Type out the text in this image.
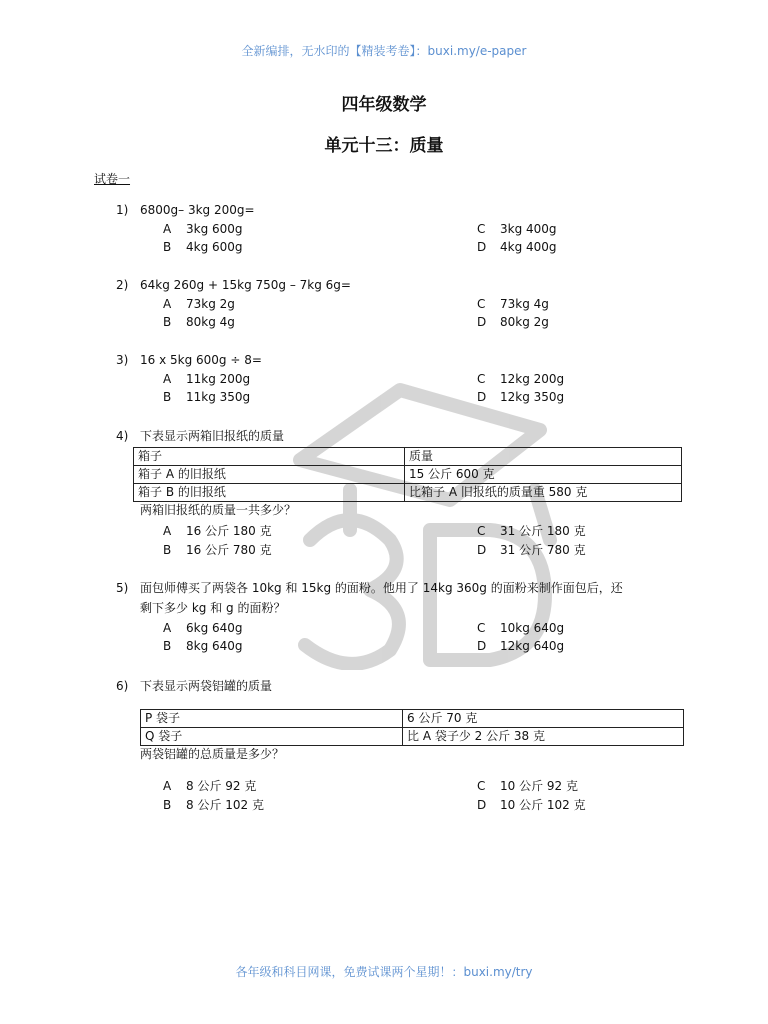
全新编排，无水印的【精装考卷】：buxi.my/e-paper
四年级数学
单元十三：质量
试卷一
1) 6800g– 3kg 200g=
A 3kg 600g
B 4kg 600g
C 3kg 400g
D 4kg 400g
2) 64kg 260g + 15kg 750g – 7kg 6g=
A 73kg 2g
B 80kg 4g
C 73kg 4g
D 80kg 2g
3) 16 x 5kg 600g ÷ 8=
A 11kg 200g
B 11kg 350g
C 12kg 200g
D 12kg 350g
4) 下表显示两箱旧报纸的质量
箱子	质量
箱子 A 的旧报纸	15 公斤 600 克
箱子 B 的旧报纸	比箱子 A 旧报纸的质量重 580 克
两箱旧报纸的质量一共多少？
A 16 公斤 180 克
B 16 公斤 780 克
C 31 公斤 180 克
D 31 公斤 780 克
5) 面包师傅买了两袋各 10kg 和 15kg 的面粉。他用了 14kg 360g 的面粉来制作面包后，还
剩下多少 kg 和 g 的面粉？
A 6kg 640g
B 8kg 640g
C 10kg 640g
D 12kg 640g
6) 下表显示两袋铝罐的质量
P 袋子	6 公斤 70 克
Q 袋子	比 A 袋子少 2 公斤 38 克
两袋铝罐的总质量是多少？
A 8 公斤 92 克
B 8 公斤 102 克
C 10 公斤 92 克
D 10 公斤 102 克
各年级和科目网课，免费试课两个星期！：buxi.my/try
